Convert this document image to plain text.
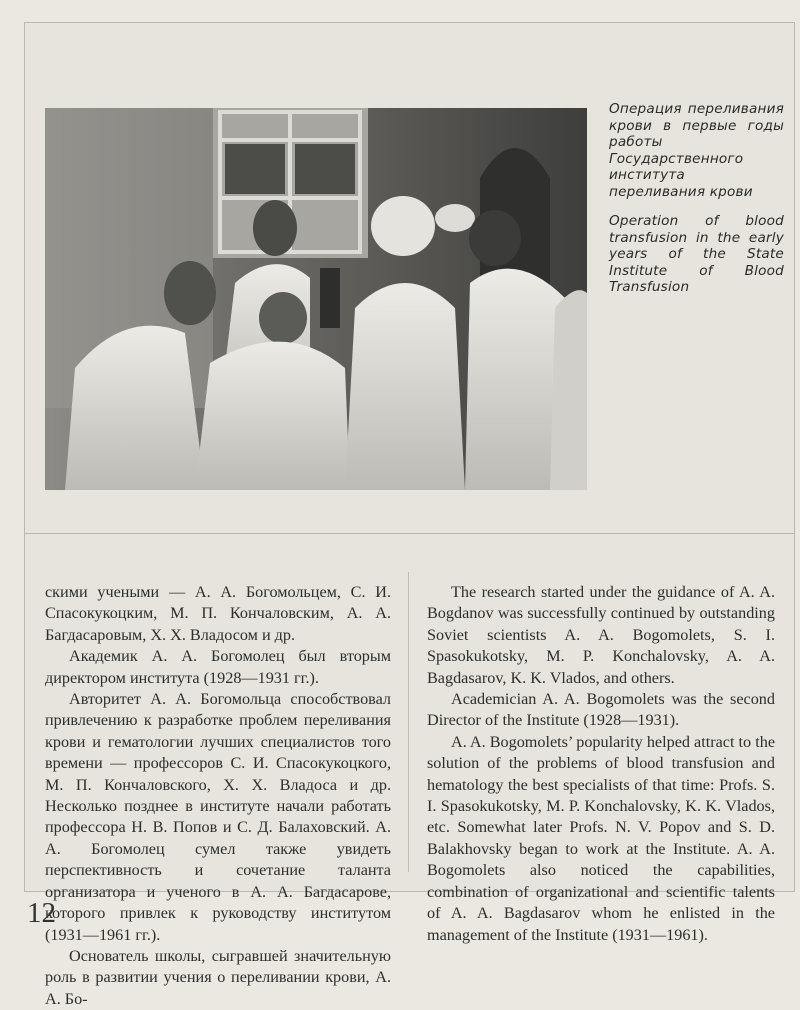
Операция переливания крови в первые годы работы Государственного института переливания крови

Operation of blood transfusion in the early years of the State Institute of Blood Transfusion

скими учеными — А. А. Богомольцем, С. И. Спасокукоцким, М. П. Кончаловским, А. А. Багдасаровым, Х. Х. Владосом и др.

Академик А. А. Богомолец был вторым директором института (1928—1931 гг.).

Авторитет А. А. Богомольца способствовал привлечению к разработке проблем переливания крови и гематологии лучших специалистов того времени — профессоров С. И. Спасокукоцкого, М. П. Кончаловского, Х. Х. Владоса и др. Несколько позднее в институте начали работать профессора Н. В. Попов и С. Д. Балаховский. А. А. Богомолец сумел также увидеть перспективность и сочетание таланта организатора и ученого в А. А. Багдасарове, которого привлек к руководству институтом (1931—1961 гг.).

Основатель школы, сыгравшей значительную роль в развитии учения о переливании крови, А. А. Бо-

The research started under the guidance of A. A. Bogdanov was successfully continued by outstanding Soviet scientists A. A. Bogomolets, S. I. Spasokukotsky, M. P. Konchalovsky, A. A. Bagdasarov, K. K. Vlados, and others.

Academician A. A. Bogomolets was the second Director of the Institute (1928—1931).

A. A. Bogomolets’ popularity helped attract to the solution of the problems of blood transfusion and hematology the best specialists of that time: Profs. S. I. Spasokukotsky, M. P. Konchalovsky, K. K. Vlados, etc. Somewhat later Profs. N. V. Popov and S. D. Balakhovsky began to work at the Institute. A. A. Bogomolets also noticed the capabilities, combination of organizational and scientific talents of A. A. Bagdasarov whom he enlisted in the management of the Institute (1931—1961).

12
